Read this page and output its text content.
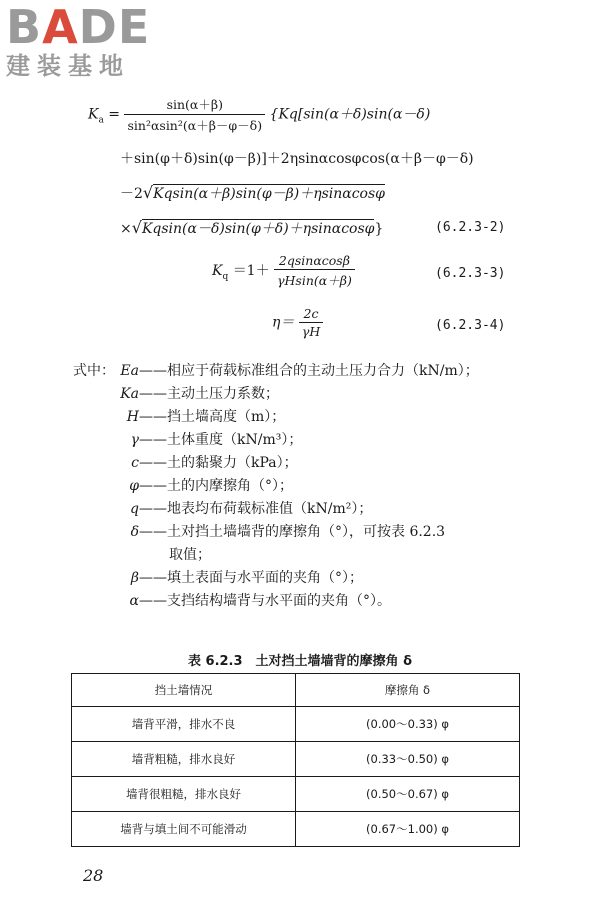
BADE
建装基地
$K_a = \frac{\sin(\alpha+\beta)}{\text{sin²αsin²(α＋β－φ－δ)}} \{Kq[\sin(\alpha+\delta)\sin(\alpha-\delta)$
＋sin(φ＋δ)sin(φ－β)]＋2ηsinαcosφcos(α＋β－φ－δ)
－2√Kqsin(α＋β)sin(φ－β)＋ηsinαcosφ
×√Kqsin(α－δ)sin(φ＋δ)＋ηsinαcosφ}	(6.2.3-2)
$K_q =1+ \frac{2qsin\alpha\cos\beta}{\gamma Hsin(\alpha+\beta)}$	(6.2.3-3)
$\eta= \frac{2c}{\gamma H}$	(6.2.3-4)
式中： Ea ——相应于荷载标准组合的主动土压力合力（kN/m）；
Ka ——主动土压力系数；
H ——挡土墙高度（m）；
γ ——土体重度（kN/m³）；
c ——土的黏聚力（kPa）；
φ ——土的内摩擦角（°）；
q ——地表均布荷载标准值（kN/m²）；
δ ——土对挡土墙墙背的摩擦角（°），可按表 6.2.3
取值；
β ——填土表面与水平面的夹角（°）；
α ——支挡结构墙背与水平面的夹角（°）。
表 6.2.3　土对挡土墙墙背的摩擦角 δ
挡土墙情况	摩擦角 δ
墙背平滑，排水不良	(0.00～0.33) φ
墙背粗糙，排水良好	(0.33～0.50) φ
墙背很粗糙，排水良好	(0.50～0.67) φ
墙背与填土间不可能滑动	(0.67～1.00) φ
28
